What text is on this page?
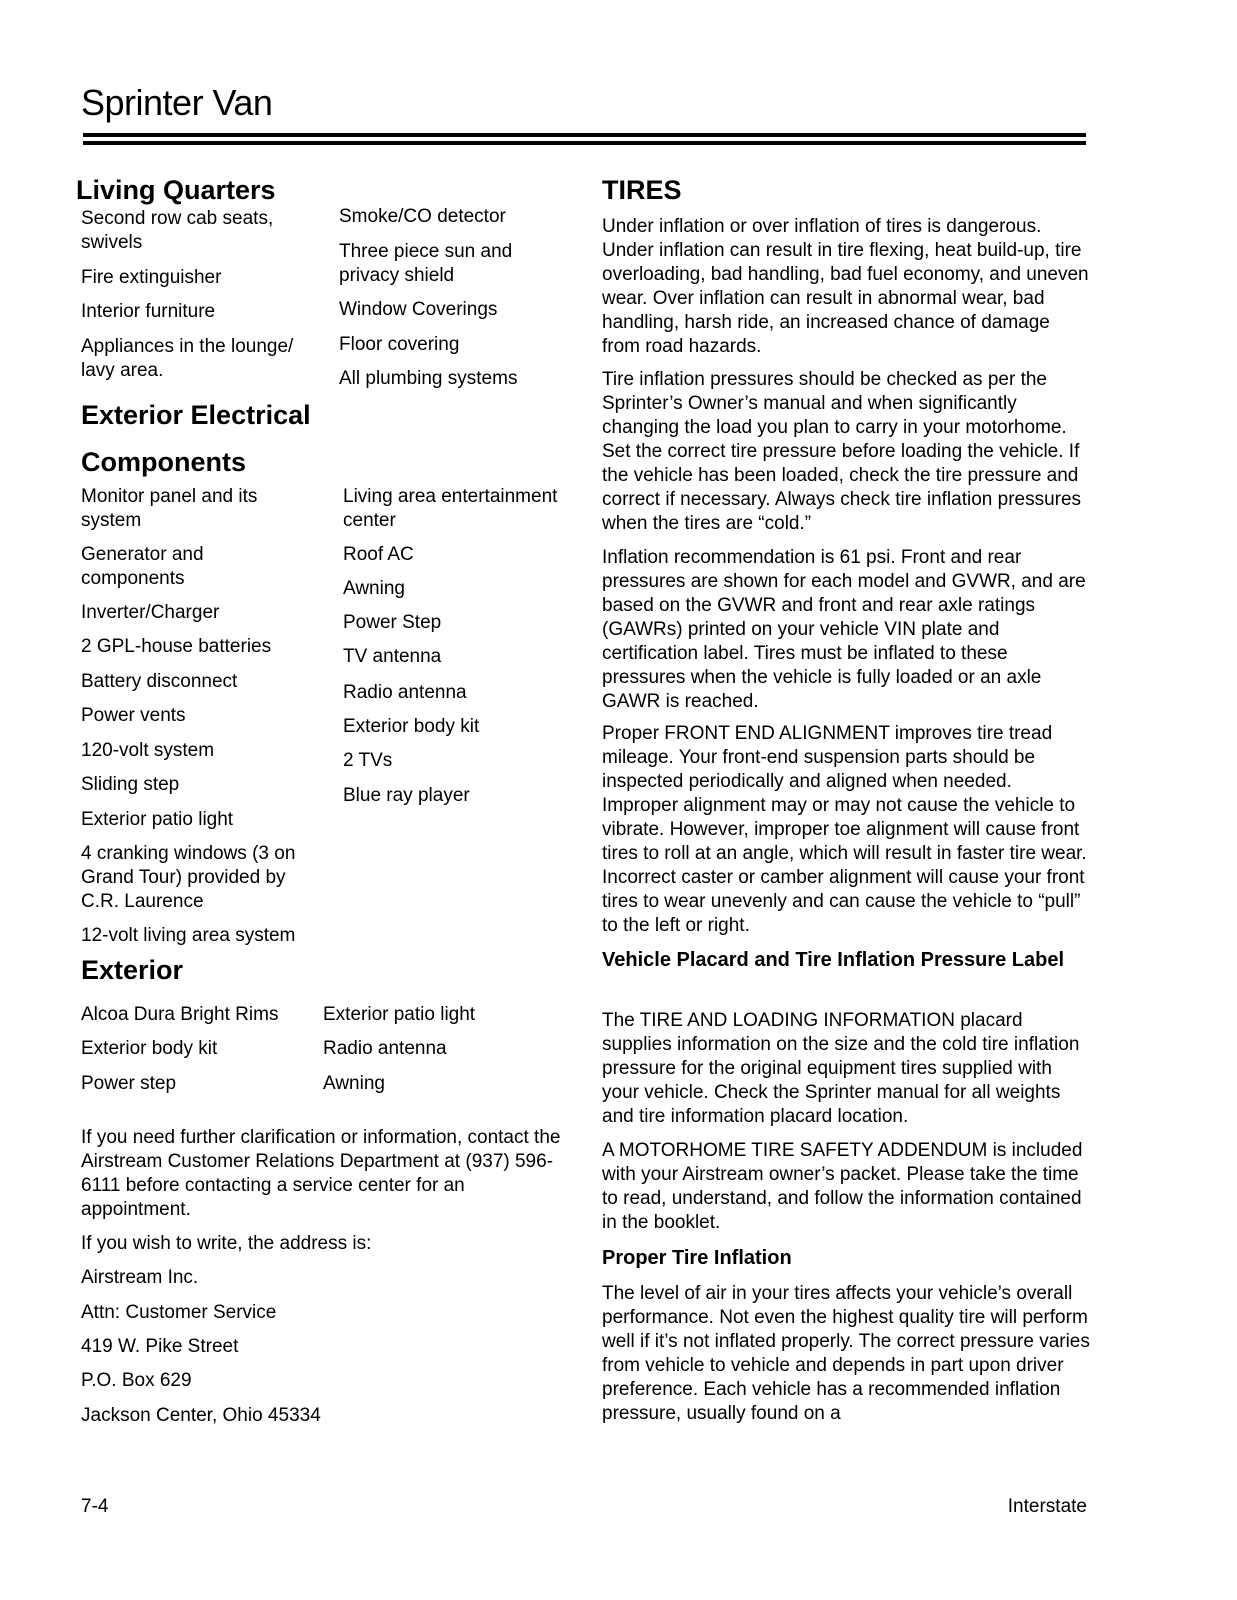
Sprinter Van
Living Quarters
Second row cab seats, swivels
Fire extinguisher
Interior furniture
Appliances in the lounge/ lavy area.
Smoke/CO detector
Three piece sun and privacy shield
Window Coverings
Floor covering
All plumbing systems
Exterior Electrical Components
Monitor panel and its system
Generator and components
Inverter/Charger
2 GPL-house batteries
Battery disconnect
Power vents
120-volt system
Sliding step
Exterior patio light
4 cranking windows (3 on Grand Tour) provided by C.R. Laurence
12-volt living area system
Living area entertainment center
Roof AC
Awning
Power Step
TV antenna
Radio antenna
Exterior body kit
2 TVs
Blue ray player
Exterior
Alcoa Dura Bright Rims
Exterior body kit
Power step
Exterior patio light
Radio antenna
Awning
If you need further clarification or information, contact the Airstream Customer Relations Department at (937) 596-6111 before contacting a service center for an appointment.
If you wish to write, the address is:
Airstream Inc.
Attn: Customer Service
419 W. Pike Street
P.O. Box 629
Jackson Center, Ohio 45334
TIRES
Under inflation or over inflation of tires is dangerous. Under inflation can result in tire flexing, heat build-up, tire overloading, bad handling, bad fuel economy, and uneven wear. Over inflation can result in abnormal wear, bad handling, harsh ride, an increased chance of damage from road hazards.
Tire inflation pressures should be checked as per the Sprinter’s Owner’s manual and when significantly changing the load you plan to carry in your motorhome. Set the correct tire pressure before loading the vehicle. If the vehicle has been loaded, check the tire pressure and correct if necessary. Always check tire inflation pressures when the tires are “cold.”
Inflation recommendation is 61 psi. Front and rear pressures are shown for each model and GVWR, and are based on the GVWR and front and rear axle ratings (GAWRs) printed on your vehicle VIN plate and certification label. Tires must be inflated to these pressures when the vehicle is fully loaded or an axle GAWR is reached.
Proper FRONT END ALIGNMENT improves tire tread mileage. Your front-end suspension parts should be inspected periodically and aligned when needed. Improper alignment may or may not cause the vehicle to vibrate. However, improper toe alignment will cause front tires to roll at an angle, which will result in faster tire wear. Incorrect caster or camber alignment will cause your front tires to wear unevenly and can cause the vehicle to “pull” to the left or right.
Vehicle Placard and Tire Inflation Pressure Label
The TIRE AND LOADING INFORMATION placard supplies information on the size and the cold tire inflation pressure for the original equipment tires supplied with your vehicle. Check the Sprinter manual for all weights and tire information placard location.
A MOTORHOME TIRE SAFETY ADDENDUM is included with your Airstream owner’s packet. Please take the time to read, understand, and follow the information contained in the booklet.
Proper Tire Inflation
The level of air in your tires affects your vehicle’s overall performance. Not even the highest quality tire will perform well if it’s not inflated properly. The correct pressure varies from vehicle to vehicle and depends in part upon driver preference. Each vehicle has a recommended inflation pressure, usually found on a
7-4	Interstate
